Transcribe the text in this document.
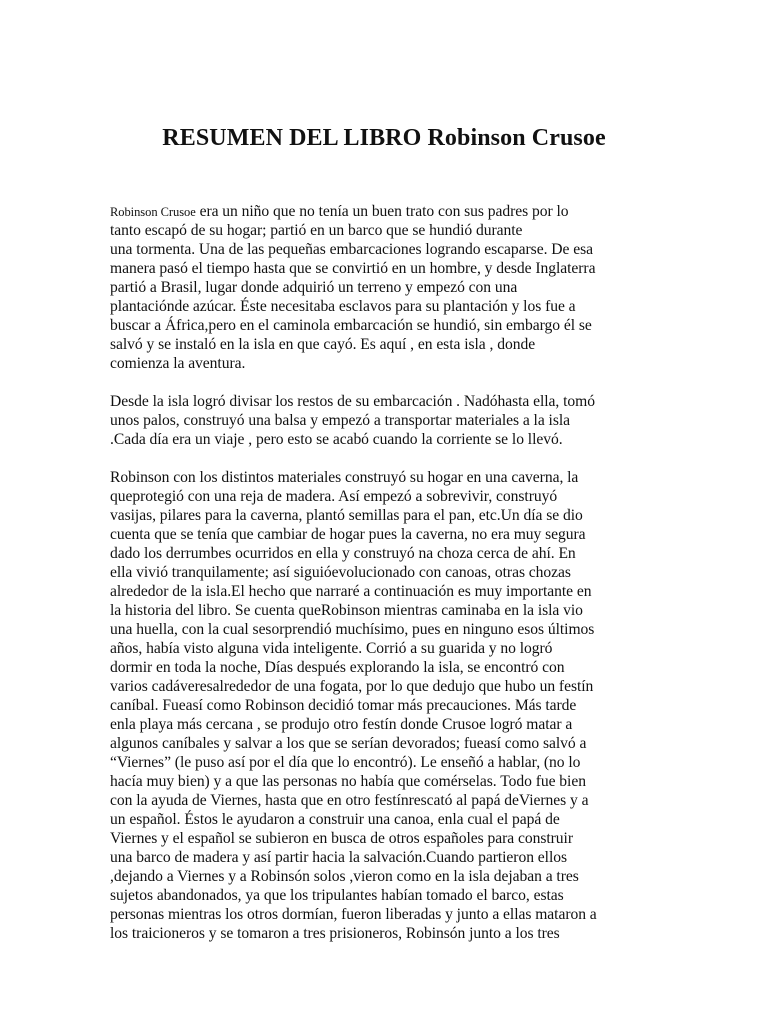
RESUMEN DEL LIBRO Robinson Crusoe
Robinson Crusoe era un niño que no tenía un buen trato con sus padres por lo
tanto escapó de su hogar; partió en un barco que se hundió durante
una tormenta. Una de las pequeñas embarcaciones logrando escaparse. De esa
manera pasó el tiempo hasta que se convirtió en un hombre, y desde Inglaterra
partió a Brasil, lugar donde adquirió un terreno y empezó con una
plantaciónde azúcar. Éste necesitaba esclavos para su plantación y los fue a
buscar a África,pero en el caminola embarcación se hundió, sin embargo él se
salvó y se instaló en la isla en que cayó. Es aquí , en esta isla , donde
comienza la aventura.
Desde la isla logró divisar los restos de su embarcación . Nadóhasta ella, tomó
unos palos, construyó una balsa y empezó a transportar materiales a la isla
.Cada día era un viaje , pero esto se acabó cuando la corriente se lo llevó.
Robinson con los distintos materiales construyó su hogar en una caverna, la
queprotegió con una reja de madera. Así empezó a sobrevivir, construyó
vasijas, pilares para la caverna, plantó semillas para el pan, etc.Un día se dio
cuenta que se tenía que cambiar de hogar pues la caverna, no era muy segura
dado los derrumbes ocurridos en ella y construyó na choza cerca de ahí. En
ella vivió tranquilamente; así siguióevolucionado con canoas, otras chozas
alrededor de la isla.El hecho que narraré a continuación es muy importante en
la historia del libro. Se cuenta queRobinson mientras caminaba en la isla vio
una huella, con la cual sesorprendió muchísimo, pues en ninguno esos últimos
años, había visto alguna vida inteligente. Corrió a su guarida y no logró
dormir en toda la noche, Días después explorando la isla, se encontró con
varios cadáveresalrededor de una fogata, por lo que dedujo que hubo un festín
caníbal. Fueasí como Robinson decidió tomar más precauciones. Más tarde
enla playa más cercana , se produjo otro festín donde Crusoe logró matar a
algunos caníbales y salvar a los que se serían devorados; fueasí como salvó a
“Viernes” (le puso así por el día que lo encontró). Le enseñó a hablar, (no lo
hacía muy bien) y a que las personas no había que comérselas. Todo fue bien
con la ayuda de Viernes, hasta que en otro festínrescató al papá deViernes y a
un español. Éstos le ayudaron a construir una canoa, enla cual el papá de
Viernes y el español se subieron en busca de otros españoles para construir
una barco de madera y así partir hacia la salvación.Cuando partieron ellos
,dejando a Viernes y a Robinsón solos ,vieron como en la isla dejaban a tres
sujetos abandonados, ya que los tripulantes habían tomado el barco, estas
personas mientras los otros dormían, fueron liberadas y junto a ellas mataron a
los traicioneros y se tomaron a tres prisioneros, Robinsón junto a los tres
